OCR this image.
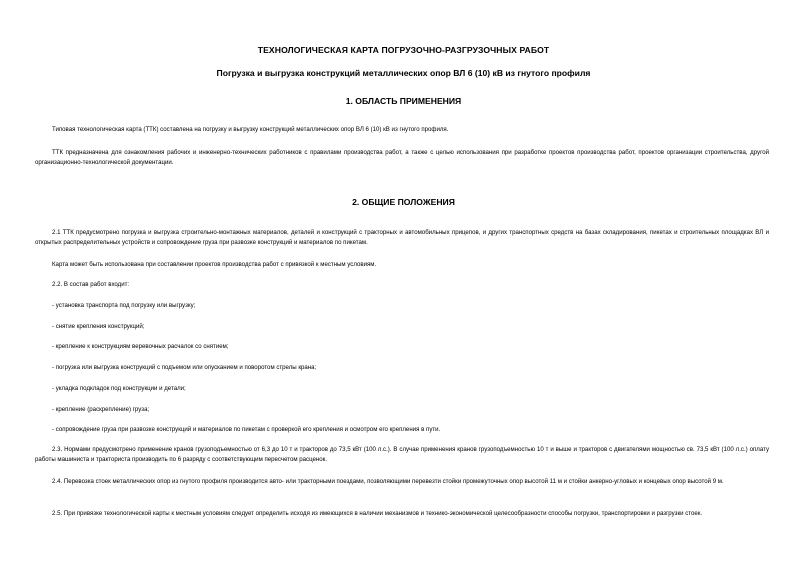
ТЕХНОЛОГИЧЕСКАЯ КАРТА ПОГРУЗОЧНО-РАЗГРУЗОЧНЫХ РАБОТ
Погрузка и выгрузка конструкций металлических опор ВЛ 6 (10) кВ из гнутого профиля
1. ОБЛАСТЬ ПРИМЕНЕНИЯ
Типовая технологическая карта (ТТК) составлена на погрузку и выгрузку конструкций металлических опор ВЛ 6 (10) кВ из гнутого профиля.
ТТК предназначена для ознакомления рабочих и инженерно-технических работников с правилами производства работ, а также с целью использования при разработке проектов производства работ, проектов организации строительства, другой организационно-технологической документации.
2. ОБЩИЕ ПОЛОЖЕНИЯ
2.1 ТТК предусмотрено погрузка и выгрузка строительно-монтажных материалов, деталей и конструкций с тракторных и автомобильных прицепов, и других транспортных средств на базах складирования, пикетах и строительных площадках ВЛ и открытых распределительных устройств и сопровождение груза при развозке конструкций и материалов по пикетам.
Карта может быть использована при составлении проектов производства работ с привязкой к местным условиям.
2.2. В состав работ входит:
- установка транспорта под погрузку или выгрузку;
- снятие крепления конструкций;
- крепление к конструкциям веревочных расчалок со снятием;
- погрузка или выгрузка конструкций с подъемом или опусканием и поворотом стрелы крана;
- укладка подкладок под конструкции и детали;
- крепление (раскрепление) груза;
- сопровождение груза при развозке конструкций и материалов по пикетам с проверкой его крепления и осмотром его крепления в пути.
2.3. Нормами предусмотрено применение кранов грузоподъемностью от 6,3 до 10 т и тракторов до 73,5 кВт (100 л.с.). В случае применения кранов грузоподъемностью 10 т и выше и тракторов с двигателями мощностью св. 73,5 кВт (100 л.с.) оплату работы машиниста и тракториста производить по 6 разряду с соответствующим пересчетом расценок.
2.4. Перевозка стоек металлических опор из гнутого профиля производится авто- или тракторными поездами, позволяющими перевезти стойки промежуточных опор высотой 11 м и стойки анкерно-угловых и концевых опор высотой 9 м.
2.5. При привязке технологической карты к местным условиям следует определить исходя из имеющихся в наличии механизмов и технико-экономической целесообразности способы погрузки, транспортировки и разгрузки стоек.
